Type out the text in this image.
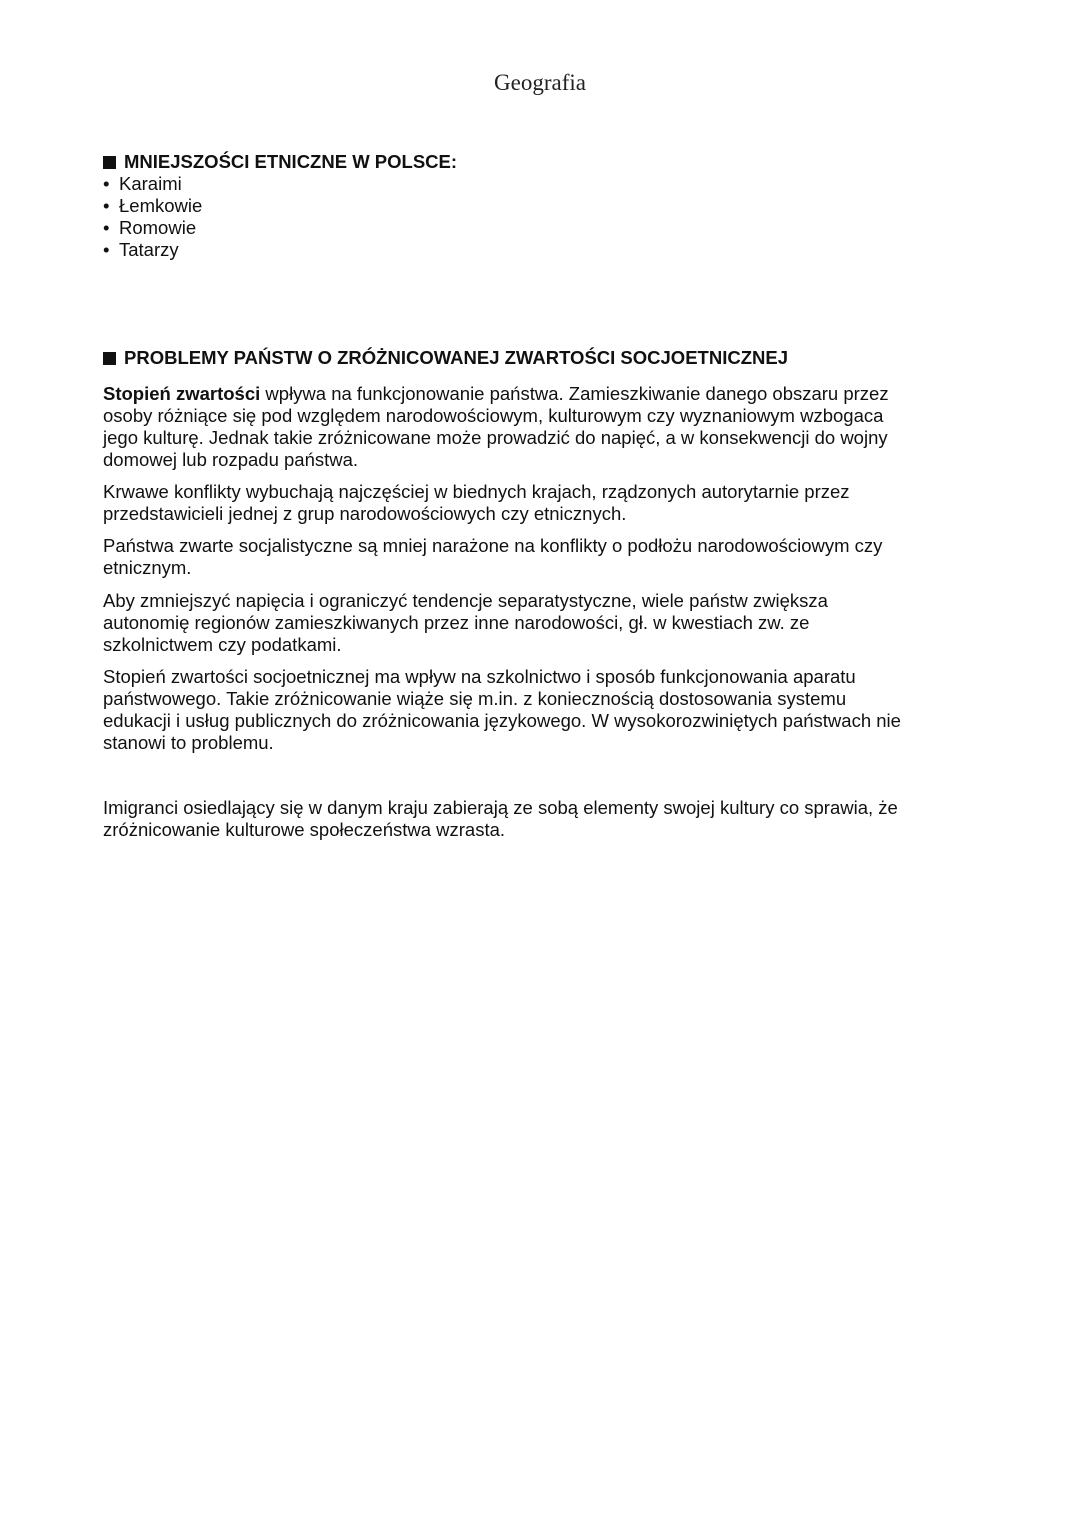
Geografia
MNIEJSZOŚCI ETNICZNE W POLSCE:
• Karaimi
• Łemkowie
• Romowie
• Tatarzy
PROBLEMY PAŃSTW O ZRÓŻNICOWANEJ ZWARTOŚCI SOCJOETNICZNEJ
Stopień zwartości wpływa na funkcjonowanie państwa. Zamieszkiwanie danego obszaru przez
osoby różniące się pod względem narodowościowym, kulturowym czy wyznaniowym wzbogaca
jego kulturę. Jednak takie zróżnicowane może prowadzić do napięć, a w konsekwencji do wojny
domowej lub rozpadu państwa.
Krwawe konflikty wybuchają najczęściej w biednych krajach, rządzonych autorytarnie przez
przedstawicieli jednej z grup narodowościowych czy etnicznych.
Państwa zwarte socjalistyczne są mniej narażone na konflikty o podłożu narodowościowym czy
etnicznym.
Aby zmniejszyć napięcia i ograniczyć tendencje separatystyczne, wiele państw zwiększa
autonomię regionów zamieszkiwanych przez inne narodowości, gł. w kwestiach zw. ze
szkolnictwem czy podatkami.
Stopień zwartości socjoetnicznej ma wpływ na szkolnictwo i sposób funkcjonowania aparatu
państwowego. Takie zróżnicowanie wiąże się m.in. z koniecznością dostosowania systemu
edukacji i usług publicznych do zróżnicowania językowego. W wysokorozwiniętych państwach nie
stanowi to problemu.
Imigranci osiedlający się w danym kraju zabierają ze sobą elementy swojej kultury co sprawia, że
zróżnicowanie kulturowe społeczeństwa wzrasta.
